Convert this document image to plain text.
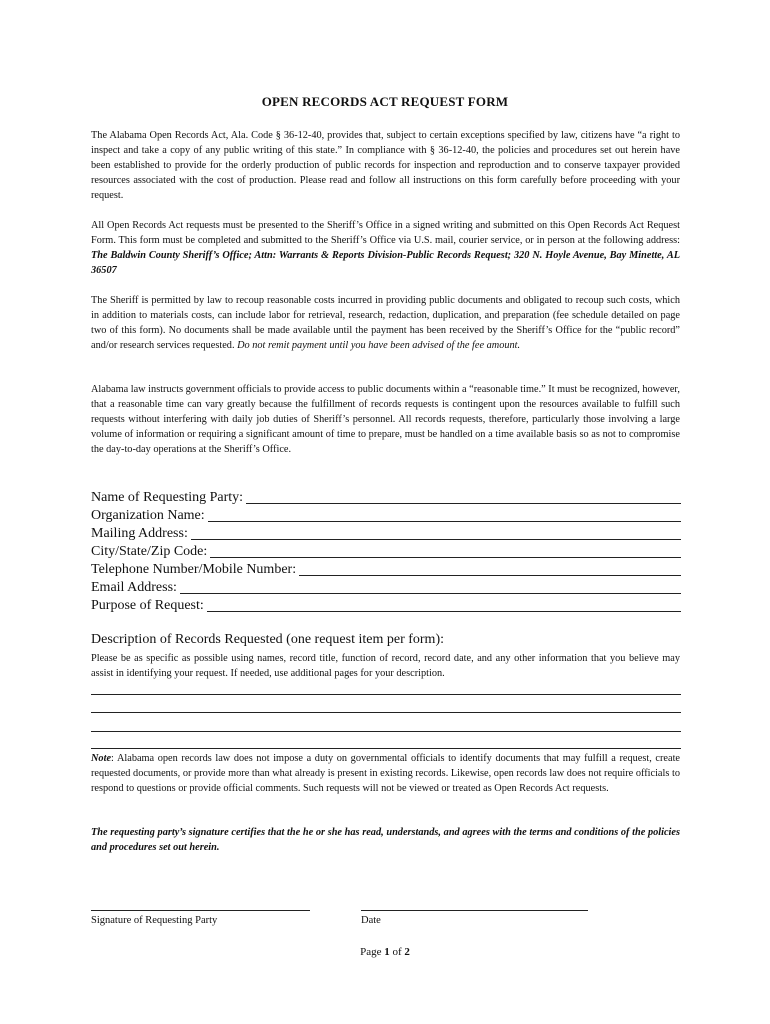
OPEN RECORDS ACT REQUEST FORM

The Alabama Open Records Act, Ala. Code § 36-12-40, provides that, subject to certain exceptions specified by law, citizens have “a right to inspect and take a copy of any public writing of this state.” In compliance with § 36-12-40, the policies and procedures set out herein have been established to provide for the orderly production of public records for inspection and reproduction and to conserve taxpayer provided resources associated with the cost of production. Please read and follow all instructions on this form carefully before proceeding with your request.

All Open Records Act requests must be presented to the Sheriff’s Office in a signed writing and submitted on this Open Records Act Request Form. This form must be completed and submitted to the Sheriff’s Office via U.S. mail, courier service, or in person at the following address: The Baldwin County Sheriff’s Office; Attn: Warrants & Reports Division-Public Records Request; 320 N. Hoyle Avenue, Bay Minette, AL 36507

The Sheriff is permitted by law to recoup reasonable costs incurred in providing public documents and obligated to recoup such costs, which in addition to materials costs, can include labor for retrieval, research, redaction, duplication, and preparation (fee schedule detailed on page two of this form). No documents shall be made available until the payment has been received by the Sheriff’s Office for the “public record” and/or research services requested. Do not remit payment until you have been advised of the fee amount.

Alabama law instructs government officials to provide access to public documents within a “reasonable time.” It must be recognized, however, that a reasonable time can vary greatly because the fulfillment of records requests is contingent upon the resources available to fulfill such requests without interfering with daily job duties of Sheriff’s personnel. All records requests, therefore, particularly those involving a large volume of information or requiring a significant amount of time to prepare, must be handled on a time available basis so as not to compromise the day-to-day operations at the Sheriff’s Office.

Name of Requesting Party:
Organization Name:
Mailing Address:
City/State/Zip Code:
Telephone Number/Mobile Number:
Email Address:
Purpose of Request:
Description of Records Requested (one request item per form):

Please be as specific as possible using names, record title, function of record, record date, and any other information that you believe may assist in identifying your request. If needed, use additional pages for your description.

Note: Alabama open records law does not impose a duty on governmental officials to identify documents that may fulfill a request, create requested documents, or provide more than what already is present in existing records. Likewise, open records law does not require officials to respond to questions or provide official comments. Such requests will not be viewed or treated as Open Records Act requests.

The requesting party’s signature certifies that the he or she has read, understands, and agrees with the terms and conditions of the policies and procedures set out herein.

Signature of Requesting Party	Date
Page 1 of 2
